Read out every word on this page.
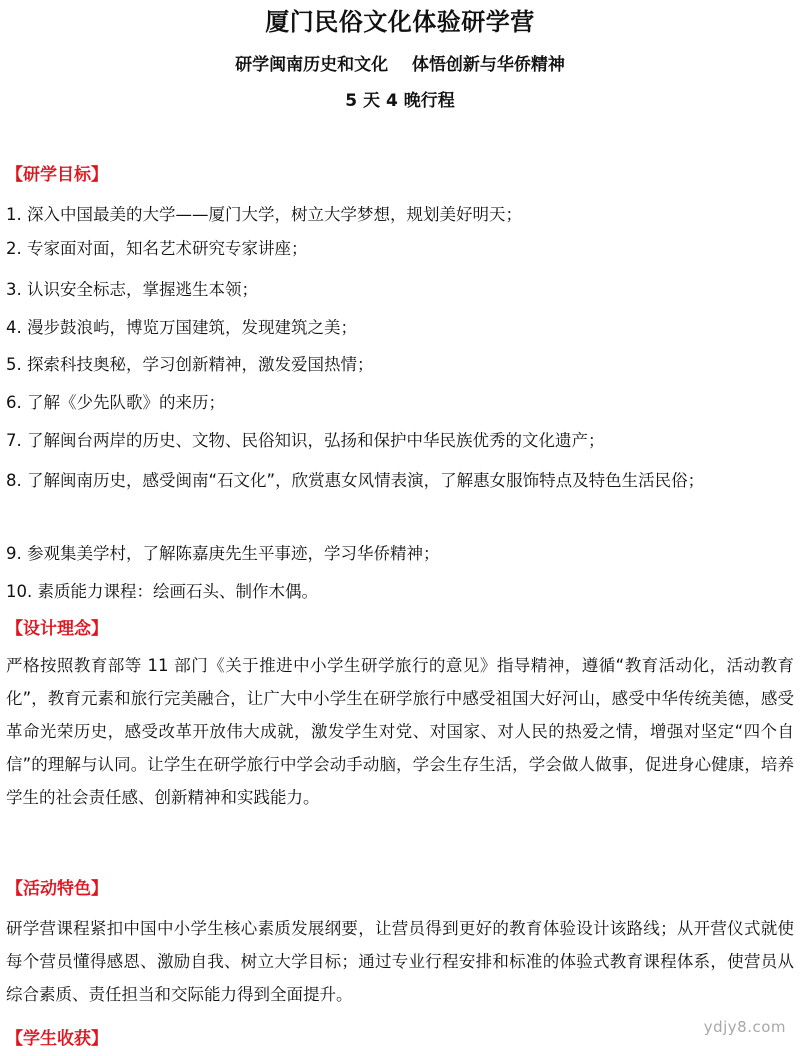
厦门民俗文化体验研学营
研学闽南历史和文化    体悟创新与华侨精神
5 天 4 晚行程
【研学目标】
1. 深入中国最美的大学——厦门大学，树立大学梦想，规划美好明天；
2. 专家面对面，知名艺术研究专家讲座；
3. 认识安全标志，掌握逃生本领；
4. 漫步鼓浪屿，博览万国建筑，发现建筑之美；
5. 探索科技奥秘，学习创新精神，激发爱国热情；
6. 了解《少先队歌》的来历；
7. 了解闽台两岸的历史、文物、民俗知识，弘扬和保护中华民族优秀的文化遗产；
8. 了解闽南历史，感受闽南“石文化”，欣赏惠女风情表演，了解惠女服饰特点及特色生活民俗；
9. 参观集美学村，了解陈嘉庚先生平事迹，学习华侨精神；
10. 素质能力课程：绘画石头、制作木偶。
【设计理念】
严格按照教育部等 11 部门《关于推进中小学生研学旅行的意见》指导精神，遵循“教育活动化，活动教育化”，教育元素和旅行完美融合，让广大中小学生在研学旅行中感受祖国大好河山，感受中华传统美德，感受革命光荣历史，感受改革开放伟大成就，激发学生对党、对国家、对人民的热爱之情，增强对坚定“四个自信”的理解与认同。让学生在研学旅行中学会动手动脑，学会生存生活，学会做人做事，促进身心健康，培养学生的社会责任感、创新精神和实践能力。
【活动特色】
研学营课程紧扣中国中小学生核心素质发展纲要，让营员得到更好的教育体验设计该路线；从开营仪式就使每个营员懂得感恩、激励自我、树立大学目标；通过专业行程安排和标准的体验式教育课程体系，使营员从综合素质、责任担当和交际能力得到全面提升。
【学生收获】
ydjy8.com
